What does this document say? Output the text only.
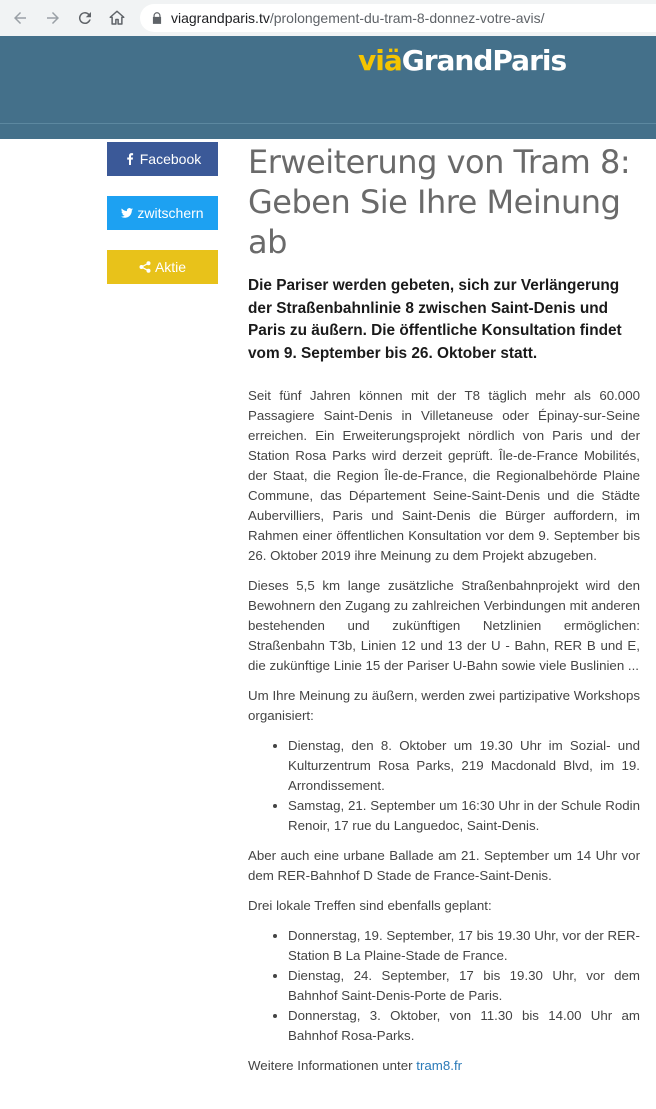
viagrandparis.tv/prolongement-du-tram-8-donnez-votre-avis/
viäGrandParis
Facebook
zwitschern
Aktie
Erweiterung von Tram 8: Geben Sie Ihre Meinung ab

Die Pariser werden gebeten, sich zur Verlängerung der Straßenbahnlinie 8 zwischen Saint-Denis und Paris zu äußern. Die öffentliche Konsultation findet vom 9. September bis 26. Oktober statt.

Seit fünf Jahren können mit der T8 täglich mehr als 60.000 Passagiere Saint-Denis in Villetaneuse oder Épinay-sur-Seine erreichen. Ein Erweiterungsprojekt nördlich von Paris und der Station Rosa Parks wird derzeit geprüft. Île-de-France Mobilités, der Staat, die Region Île-de-France, die Regionalbehörde Plaine Commune, das Département Seine-Saint-Denis und die Städte Aubervilliers, Paris und Saint-Denis die Bürger auffordern, im Rahmen einer öffentlichen Konsultation vor dem 9. September bis 26. Oktober 2019 ihre Meinung zu dem Projekt abzugeben.

Dieses 5,5 km lange zusätzliche Straßenbahnprojekt wird den Bewohnern den Zugang zu zahlreichen Verbindungen mit anderen bestehenden und zukünftigen Netzlinien ermöglichen: Straßenbahn T3b, Linien 12 und 13 der U - Bahn, RER B und E, die zukünftige Linie 15 der Pariser U-Bahn sowie viele Buslinien ...

Um Ihre Meinung zu äußern, werden zwei partizipative Workshops organisiert:

• Dienstag, den 8. Oktober um 19.30 Uhr im Sozial- und Kulturzentrum Rosa Parks, 219 Macdonald Blvd, im 19. Arrondissement.
• Samstag, 21. September um 16:30 Uhr in der Schule Rodin Renoir, 17 rue du Languedoc, Saint-Denis.

Aber auch eine urbane Ballade am 21. September um 14 Uhr vor dem RER-Bahnhof D Stade de France-Saint-Denis.

Drei lokale Treffen sind ebenfalls geplant:

• Donnerstag, 19. September, 17 bis 19.30 Uhr, vor der RER-Station B La Plaine-Stade de France.
• Dienstag, 24. September, 17 bis 19.30 Uhr, vor dem Bahnhof Saint-Denis-Porte de Paris.
• Donnerstag, 3. Oktober, von 11.30 bis 14.00 Uhr am Bahnhof Rosa-Parks.

Weitere Informationen unter tram8.fr
